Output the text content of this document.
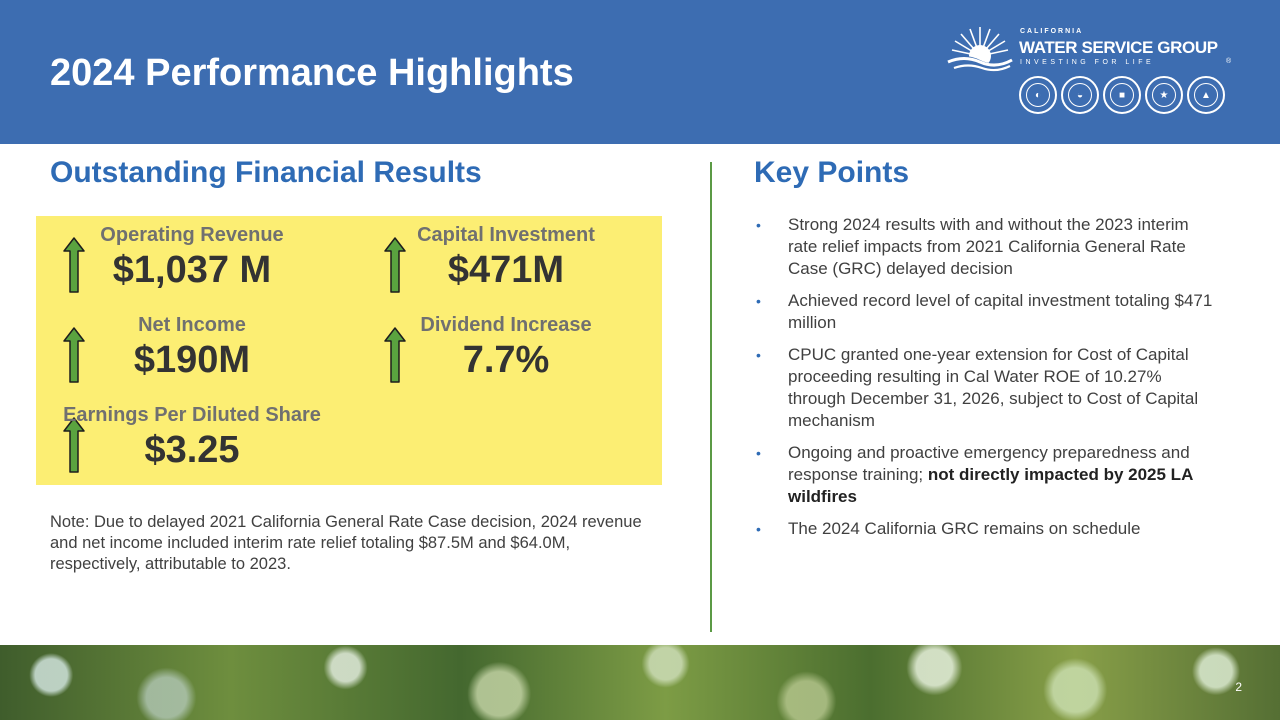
2024 Performance Highlights
CALIFORNIA
WATER SERVICE GROUP
INVESTING FOR LIFE	®
◐	◒	■	★	▲
Outstanding Financial Results	Key Points
Operating Revenue
$1,037 M
Capital Investment
$471M
Net Income
$190M
Dividend Increase
7.7%
Earnings Per Diluted Share
$3.25

Note: Due to delayed 2021 California General Rate Case decision, 2024 revenue and net income included interim rate relief totaling $87.5M and $64.0M, respectively, attributable to 2023.

• Strong 2024 results with and without the 2023 interim rate relief impacts from 2021 California General Rate Case (GRC) delayed decision
• Achieved record level of capital investment totaling $471 million
• CPUC granted one-year extension for Cost of Capital proceeding resulting in Cal Water ROE of 10.27% through December 31, 2026, subject to Cost of Capital mechanism
• Ongoing and proactive emergency preparedness and response training; not directly impacted by 2025 LA wildfires
• The 2024 California GRC remains on schedule
2
